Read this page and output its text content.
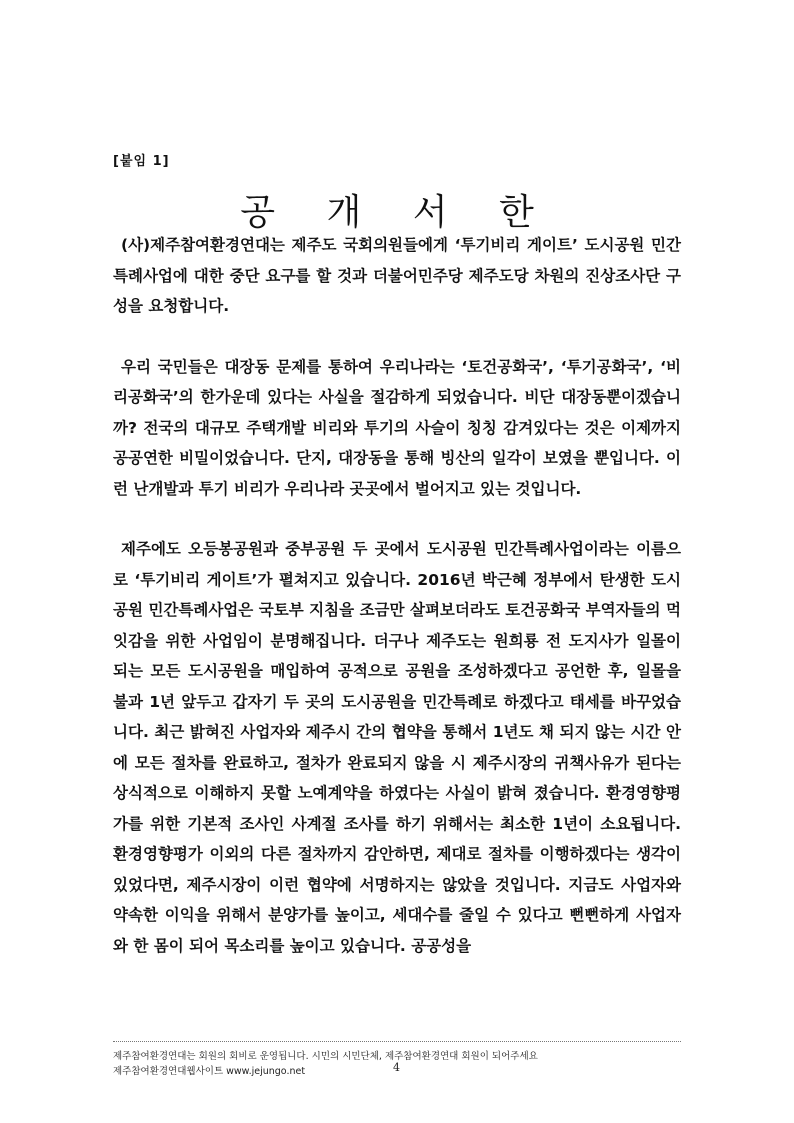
[붙임 1]
공 개 서 한

(사)제주참여환경연대는 제주도 국회의원들에게 ‘투기비리 게이트’ 도시공원 민간특례사업에 대한 중단 요구를 할 것과 더불어민주당 제주도당 차원의 진상조사단 구성을 요청합니다.

우리 국민들은 대장동 문제를 통하여 우리나라는 ‘토건공화국’, ‘투기공화국’, ‘비리공화국’의 한가운데 있다는 사실을 절감하게 되었습니다. 비단 대장동뿐이겠습니까? 전국의 대규모 주택개발 비리와 투기의 사슬이 칭칭 감겨있다는 것은 이제까지 공공연한 비밀이었습니다. 단지, 대장동을 통해 빙산의 일각이 보였을 뿐입니다. 이런 난개발과 투기 비리가 우리나라 곳곳에서 벌어지고 있는 것입니다.

제주에도 오등봉공원과 중부공원 두 곳에서 도시공원 민간특례사업이라는 이름으로 ‘투기비리 게이트’가 펼쳐지고 있습니다. 2016년 박근혜 정부에서 탄생한 도시공원 민간특례사업은 국토부 지침을 조금만 살펴보더라도 토건공화국 부역자들의 먹잇감을 위한 사업임이 분명해집니다. 더구나 제주도는 원희룡 전 도지사가 일몰이 되는 모든 도시공원을 매입하여 공적으로 공원을 조성하겠다고 공언한 후, 일몰을 불과 1년 앞두고 갑자기 두 곳의 도시공원을 민간특례로 하겠다고 태세를 바꾸었습니다. 최근 밝혀진 사업자와 제주시 간의 협약을 통해서 1년도 채 되지 않는 시간 안에 모든 절차를 완료하고, 절차가 완료되지 않을 시 제주시장의 귀책사유가 된다는 상식적으로 이해하지 못할 노예계약을 하였다는 사실이 밝혀 졌습니다. 환경영향평가를 위한 기본적 조사인 사계절 조사를 하기 위해서는 최소한 1년이 소요됩니다. 환경영향평가 이외의 다른 절차까지 감안하면, 제대로 절차를 이행하겠다는 생각이 있었다면, 제주시장이 이런 협약에 서명하지는 않았을 것입니다. 지금도 사업자와 약속한 이익을 위해서 분양가를 높이고, 세대수를 줄일 수 있다고 뻔뻔하게 사업자와 한 몸이 되어 목소리를 높이고 있습니다. 공공성을

제주참여환경연대는 회원의 회비로 운영됩니다. 시민의 시민단체, 제주참여환경연대 회원이 되어주세요
제주참여환경연대웹사이트 www.jejungo.net	4
